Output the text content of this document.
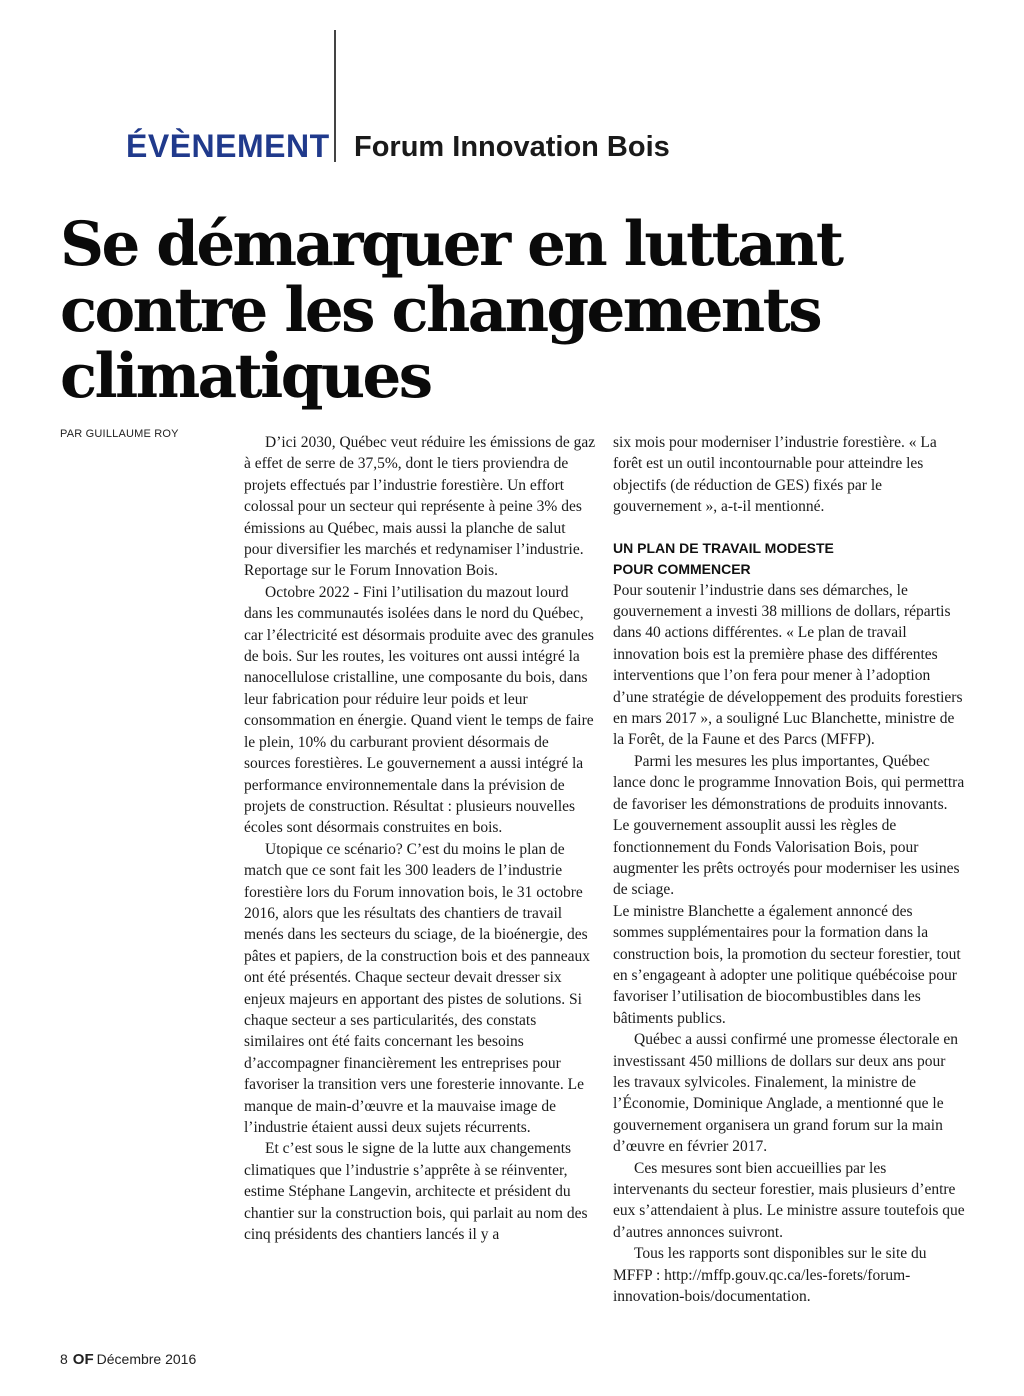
ÉVÈNEMENT Forum Innovation Bois
Se démarquer en luttant
contre les changements
climatiques
PAR GUILLAUME ROY	D’ici 2030, Québec veut réduire les émissions de gaz à effet de serre de 37,5%, dont le tiers proviendra de projets effectués par l’industrie forestière. Un effort colossal pour un secteur qui représente à peine 3% des émissions au Québec, mais aussi la planche de salut pour diversifier les marchés et redynamiser l’industrie. Reportage sur le Forum Innovation Bois.

Octobre 2022 - Fini l’utilisation du mazout lourd dans les communautés isolées dans le nord du Québec, car l’électricité est désormais produite avec des granules de bois. Sur les routes, les voitures ont aussi intégré la nanocellulose cristalline, une composante du bois, dans leur fabrication pour réduire leur poids et leur consommation en énergie. Quand vient le temps de faire le plein, 10% du carburant provient désormais de sources forestières. Le gouvernement a aussi intégré la performance environnementale dans la prévision de projets de construction. Résultat : plusieurs nouvelles écoles sont désormais construites en bois.

Utopique ce scénario? C’est du moins le plan de match que ce sont fait les 300 leaders de l’industrie forestière lors du Forum innovation bois, le 31 octobre 2016, alors que les résultats des chantiers de travail menés dans les secteurs du sciage, de la bioénergie, des pâtes et papiers, de la construction bois et des panneaux ont été présentés. Chaque secteur devait dresser six enjeux majeurs en apportant des pistes de solutions. Si chaque secteur a ses particularités, des constats similaires ont été faits concernant les besoins d’accompagner financièrement les entreprises pour favoriser la transition vers une foresterie innovante. Le manque de main-d’œuvre et la mauvaise image de l’industrie étaient aussi deux sujets récurrents.

Et c’est sous le signe de la lutte aux changements climatiques que l’industrie s’apprête à se réinventer, estime Stéphane Langevin, architecte et président du chantier sur la construction bois, qui parlait au nom des cinq présidents des chantiers lancés il y a

six mois pour moderniser l’industrie forestière. « La forêt est un outil incontournable pour atteindre les objectifs (de réduction de GES) fixés par le gouvernement », a-t-il mentionné.

UN PLAN DE TRAVAIL MODESTE
POUR COMMENCER

Pour soutenir l’industrie dans ses démarches, le gouvernement a investi 38 millions de dollars, répartis dans 40 actions différentes. « Le plan de travail innovation bois est la première phase des différentes interventions que l’on fera pour mener à l’adoption d’une stratégie de développement des produits forestiers en mars 2017 », a souligné Luc Blanchette, ministre de la Forêt, de la Faune et des Parcs (MFFP).

Parmi les mesures les plus importantes, Québec lance donc le programme Innovation Bois, qui permettra de favoriser les démonstrations de produits innovants. Le gouvernement assouplit aussi les règles de fonctionnement du Fonds Valorisation Bois, pour augmenter les prêts octroyés pour moderniser les usines de sciage.

Le ministre Blanchette a également annoncé des sommes supplémentaires pour la formation dans la construction bois, la promotion du secteur forestier, tout en s’engageant à adopter une politique québécoise pour favoriser l’utilisation de biocombustibles dans les bâtiments publics.

Québec a aussi confirmé une promesse électorale en investissant 450 millions de dollars sur deux ans pour les travaux sylvicoles. Finalement, la ministre de l’Économie, Dominique Anglade, a mentionné que le gouvernement organisera un grand forum sur la main d’œuvre en février 2017.

Ces mesures sont bien accueillies par les intervenants du secteur forestier, mais plusieurs d’entre eux s’attendaient à plus. Le ministre assure toutefois que d’autres annonces suivront.

Tous les rapports sont disponibles sur le site du MFFP : http://mffp.gouv.qc.ca/les-forets/forum-innovation-bois/documentation.

8 OF Décembre 2016
